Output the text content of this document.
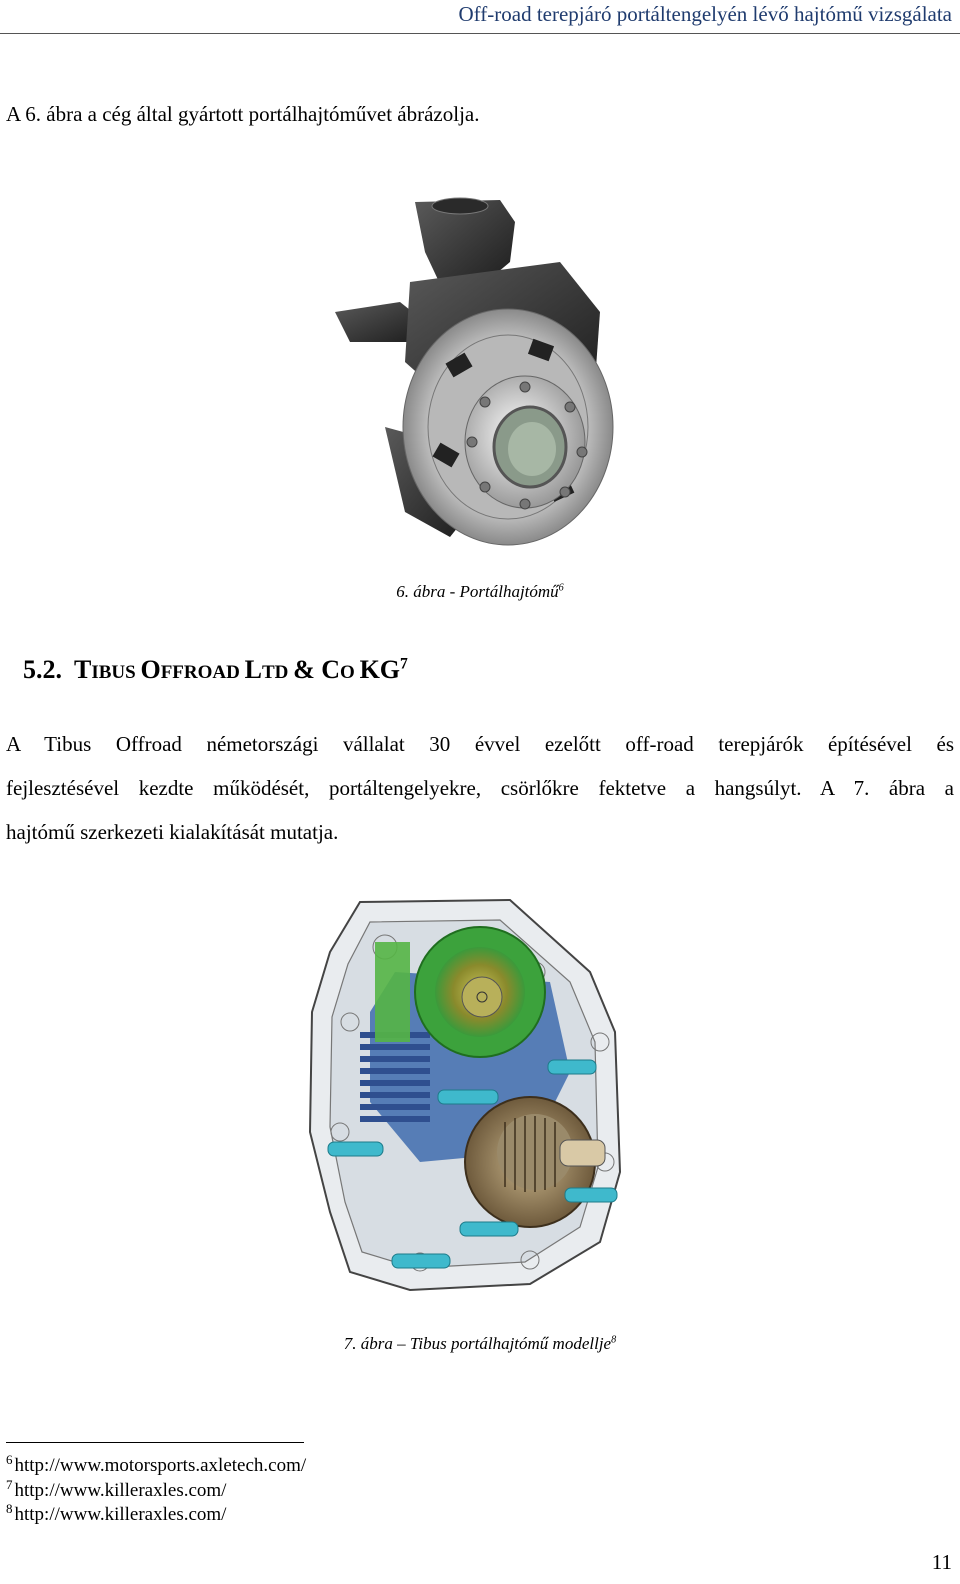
Off-road terepjáró portáltengelyén lévő hajtómű vizsgálata
A 6. ábra a cég által gyártott portálhajtóművet ábrázolja.
6. ábra - Portálhajtómű$^6$
5.2. TIBUS OFFROAD LTD & CO $KG^7$
A Tibus Offroad németországi vállalat 30 évvel ezelőtt off-road terepjárók építésével és
fejlesztésével kezdte működését, portáltengelyekre, csörlőkre fektetve a hangsúlyt. A 7. ábra a
hajtómű szerkezeti kialakítását mutatja.
7. ábra – Tibus portálhajtómű modellje$^8$
$^6$ http://www.motorsports.axletech.com/
$^7$ http://www.killeraxles.com/
$^8$ http://www.killeraxles.com/
11
